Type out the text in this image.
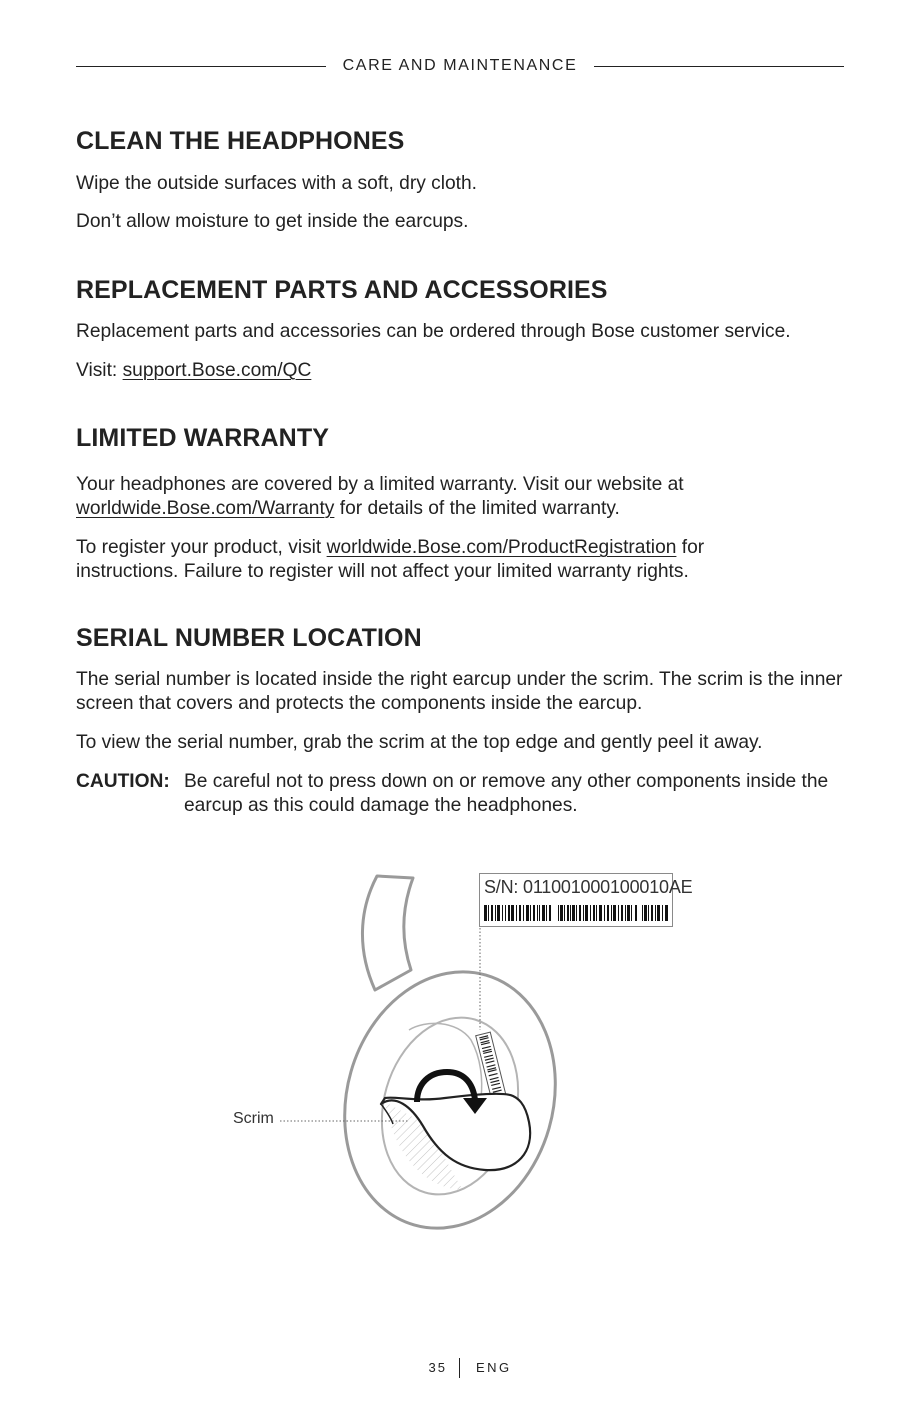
CARE AND MAINTENANCE
CLEAN THE HEADPHONES

Wipe the outside surfaces with a soft, dry cloth.

Don’t allow moisture to get inside the earcups.

REPLACEMENT PARTS AND ACCESSORIES

Replacement parts and accessories can be ordered through Bose customer service.

Visit: support.Bose.com/QC

LIMITED WARRANTY

Your headphones are covered by a limited warranty. Visit our website at
worldwide.Bose.com/Warranty for details of the limited warranty.

To register your product, visit worldwide.Bose.com/ProductRegistration for
instructions. Failure to register will not affect your limited warranty rights.

SERIAL NUMBER LOCATION

The serial number is located inside the right earcup under the scrim. The scrim is the inner screen that covers and protects the components inside the earcup.

To view the serial number, grab the scrim at the top edge and gently peel it away.

CAUTION: Be careful not to press down on or remove any other components inside the earcup as this could damage the headphones.
S/N: 011001000100010AE
Scrim
35 ENG
